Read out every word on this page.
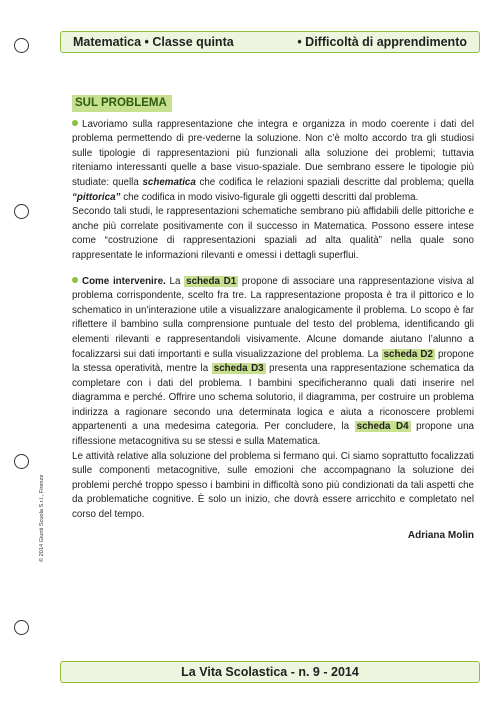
Matematica • Classe quinta	• Difficoltà di apprendimento
© 2014 Giunti Scuola S.r.l., Firenze
SUL PROBLEMA

Lavoriamo sulla rappresentazione che integra e organizza in modo coerente i dati del problema permettendo di pre-vederne la soluzione. Non c’è molto accordo tra gli studiosi sulle tipologie di rappresentazioni più funzionali alla soluzione dei problemi; tuttavia riteniamo interessanti quelle a base visuo-spaziale. Due sembrano essere le tipologie più studiate: quella schematica che codifica le relazioni spaziali descritte dal problema; quella “pittorica” che codifica in modo visivo-figurale gli oggetti descritti dal problema.

Secondo tali studi, le rappresentazioni schematiche sembrano più affidabili delle pittoriche e anche più correlate positivamente con il successo in Matematica. Possono essere intese come “costruzione di rappresentazioni spaziali ad alta qualità” nella quale sono rappresentate le informazioni rilevanti e omessi i dettagli superflui.

Come intervenire. La scheda D1 propone di associare una rappresentazione visiva al problema corrispondente, scelto fra tre. La rappresentazione proposta è tra il pittorico e lo schematico in un’interazione utile a visualizzare analogicamente il problema. Lo scopo è far riflettere il bambino sulla comprensione puntuale del testo del problema, identificando gli elementi rilevanti e rappresentandoli visivamente. Alcune domande aiutano l’alunno a focalizzarsi sui dati importanti e sulla visualizzazione del problema. La scheda D2 propone la stessa operatività, mentre la scheda D3 presenta una rappresentazione schematica da completare con i dati del problema. I bambini specificheranno quali dati inserire nel diagramma e perché. Offrire uno schema solutorio, il diagramma, per costruire un problema indirizza a ragionare secondo una determinata logica e aiuta a riconoscere problemi appartenenti a una medesima categoria. Per concludere, la scheda D4 propone una riflessione metacognitiva su se stessi e sulla Matematica.

Le attività relative alla soluzione del problema si fermano qui. Ci siamo soprattutto focalizzati sulle componenti metacognitive, sulle emozioni che accompagnano la soluzione dei problemi perché troppo spesso i bambini in difficoltà sono più condizionati da tali aspetti che da problematiche cognitive. È solo un inizio, che dovrà essere arricchito e completato nel corso del tempo.

Adriana Molin
La Vita Scolastica - n. 9 - 2014
